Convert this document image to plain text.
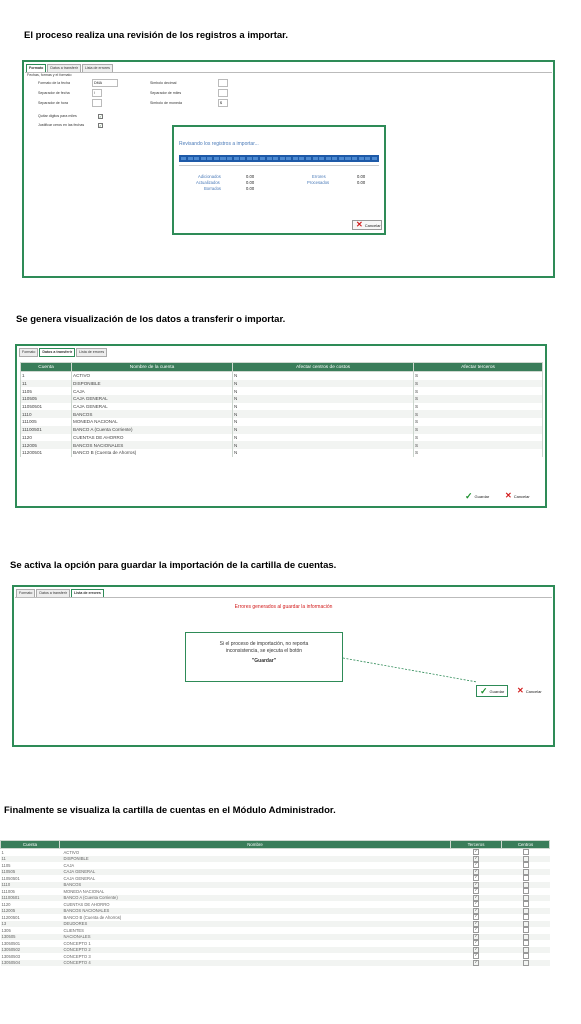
El proceso realiza una revisión de los registros a importar.
Formato	Datos a transferir	Lista de errores
Fechas, formas y el formato
Formato de la fecha	DMA
Separador de fecha	/
Separador de hora
Quitar digitos para miles	✓
Justificar ceros en las fechas	✓
Simbolo decimal
Separador de miles
Simbolo de moneda	$
Revisando los registros a importar...
Adicionados	0.00
Actualizados	0.00
Borrados	0.00
Errores	0.00
Procesados	0.00
✕ Cancelar
Se genera visualización de los datos a transferir o importar.
Formato	Datos a transferir	Lista de errores
Cuenta	Nombre de la cuenta	Afectar centros de costos	Afectar terceros
1	ACTIVO	N	S
11	DISPONIBLE	N	S
1105	CAJA	N	S
110505	CAJA GENERAL	N	S
11050501	CAJA GENERAL	N	S
1110	BANCOS	N	S
111005	MONEDA NACIONAL	N	S
11100501	BANCO A (Cuenta Corriente)	N	S
1120	CUENTAS DE AHORRO	N	S
112005	BANCOS NACIONALES	N	S
11200501	BANCO B (Cuenta de Ahorros)	N	S
✓ Guardar ✕ Cancelar
Se activa la opción para guardar la importación de la cartilla de cuentas.
Formato	Datos a transferir	Lista de errores
Errores generados al guardar la información
✓ Guardar ✕ Cancelar
Si el proceso de importación, no reporta inconsistencia, se ejecuta el botón
"Guardar"
Finalmente se visualiza la cartilla de cuentas en el Módulo Administrador.
Cuenta	Nombre	Terceros	Centros
1	ACTIVO	✓	
11	DISPONIBLE	✓	
1105	CAJA	✓	
110505	CAJA GENERAL	✓	
11050501	CAJA GENERAL	✓	
1110	BANCOS	✓	
111005	MONEDA NACIONAL	✓	
11100501	BANCO A (Cuenta Corriente)	✓	
1120	CUENTAS DE AHORRO	✓	
112005	BANCOS NACIONALES	✓	
11200501	BANCO B (Cuenta de Ahorros)	✓	
13	DEUDORES	✓	
1305	CLIENTES	✓	
130505	NACIONALES	✓	
13050501	CONCEPTO 1	✓	
13050502	CONCEPTO 2	✓	
13050503	CONCEPTO 3	✓	
13050504	CONCEPTO 4	✓	
